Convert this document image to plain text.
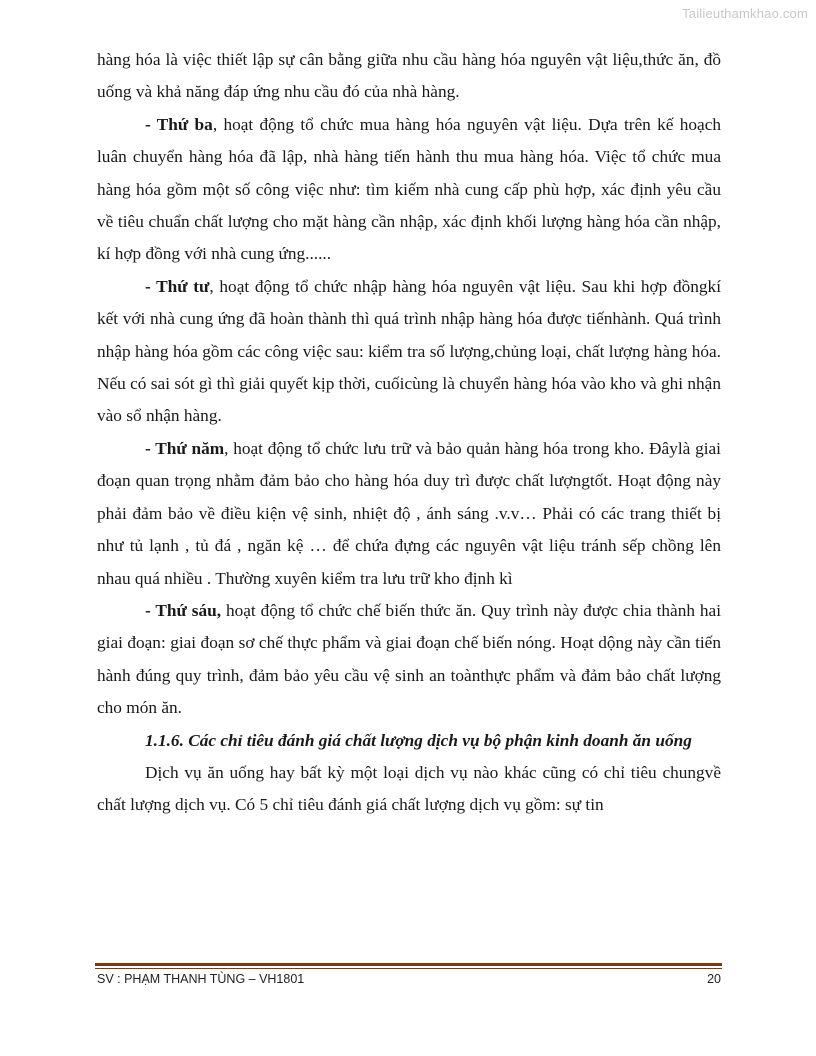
Tailieuthamkhao.com

hàng hóa là việc thiết lập sự cân bằng giữa nhu cầu hàng hóa nguyên vật liệu,thức ăn, đồ uống và khả năng đáp ứng nhu cầu đó của nhà hàng.

- Thứ ba, hoạt động tổ chức mua hàng hóa nguyên vật liệu. Dựa trên kế hoạch luân chuyển hàng hóa đã lập, nhà hàng tiến hành thu mua hàng hóa. Việc tổ chức mua hàng hóa gồm một số công việc như: tìm kiếm nhà cung cấp phù hợp, xác định yêu cầu về tiêu chuẩn chất lượng cho mặt hàng cần nhập, xác định khối lượng hàng hóa cần nhập, kí hợp đồng với nhà cung ứng......

- Thứ tư, hoạt động tổ chức nhập hàng hóa nguyên vật liệu. Sau khi hợp đồngkí kết với nhà cung ứng đã hoàn thành thì quá trình nhập hàng hóa được tiếnhành. Quá trình nhập hàng hóa gồm các công việc sau: kiểm tra số lượng,chủng loại, chất lượng hàng hóa. Nếu có sai sót gì thì giải quyết kịp thời, cuốicùng là chuyển hàng hóa vào kho và ghi nhận vào sổ nhận hàng.

- Thứ năm, hoạt động tổ chức lưu trữ và bảo quản hàng hóa trong kho. Đâylà giai đoạn quan trọng nhằm đảm bảo cho hàng hóa duy trì được chất lượngtốt. Hoạt động này phải đảm bảo về điều kiện vệ sinh, nhiệt độ , ánh sáng .v.v… Phải có các trang thiết bị như tủ lạnh , tủ đá , ngăn kệ … để chứa đựng các nguyên vật liệu tránh sếp chồng lên nhau quá nhiều . Thường xuyên kiểm tra lưu trữ kho định kì

- Thứ sáu, hoạt động tổ chức chế biến thức ăn. Quy trình này được chia thành hai giai đoạn: giai đoạn sơ chế thực phẩm và giai đoạn chế biến nóng. Hoạt dộng này cần tiến hành đúng quy trình, đảm bảo yêu cầu vệ sinh an toànthực phẩm và đảm bảo chất lượng cho món ăn.

1.1.6. Các chỉ tiêu đánh giá chất lượng dịch vụ bộ phận kinh doanh ăn uống

Dịch vụ ăn uống hay bất kỳ một loại dịch vụ nào khác cũng có chỉ tiêu chungvề chất lượng dịch vụ. Có 5 chỉ tiêu đánh giá chất lượng dịch vụ gồm: sự tin

SV : PHẠM THANH TÙNG – VH1801	20
